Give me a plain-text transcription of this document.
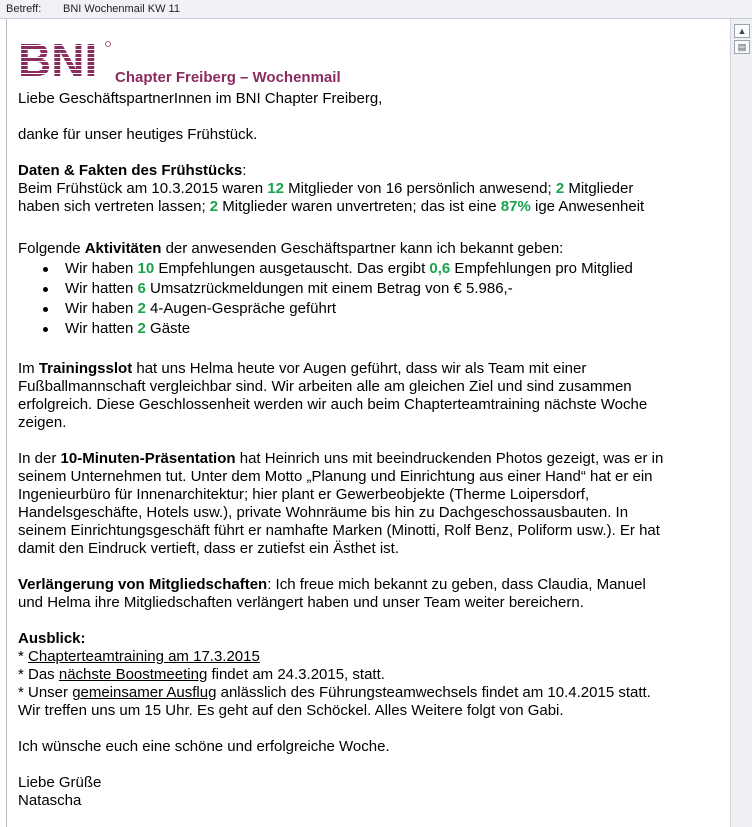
Betreff: BNI Wochenmail KW 11
▲
▤
BNI Chapter Freiberg – Wochenmail

Liebe GeschäftspartnerInnen im BNI Chapter Freiberg,

danke für unser heutiges Frühstück.

Daten & Fakten des Frühstücks:

Beim Frühstück am 10.3.2015 waren 12 Mitglieder von 16 persönlich anwesend; 2 Mitglieder

haben sich vertreten lassen; 2 Mitglieder waren unvertreten; das ist eine 87% ige Anwesenheit

Folgende Aktivitäten der anwesenden Geschäftspartner kann ich bekannt geben:

Wir haben 10 Empfehlungen ausgetauscht. Das ergibt 0,6 Empfehlungen pro Mitglied
Wir hatten 6 Umsatzrückmeldungen mit einem Betrag von € 5.986,-
Wir haben 2 4-Augen-Gespräche geführt
Wir hatten 2 Gäste

Im Trainingsslot hat uns Helma heute vor Augen geführt, dass wir als Team mit einer

Fußballmannschaft vergleichbar sind. Wir arbeiten alle am gleichen Ziel und sind zusammen

erfolgreich. Diese Geschlossenheit werden wir auch beim Chapterteamtraining nächste Woche

zeigen.

In der 10-Minuten-Präsentation hat Heinrich uns mit beeindruckenden Photos gezeigt, was er in

seinem Unternehmen tut. Unter dem Motto „Planung und Einrichtung aus einer Hand“ hat er ein

Ingenieurbüro für Innenarchitektur; hier plant er Gewerbeobjekte (Therme Loipersdorf,

Handelsgeschäfte, Hotels usw.), private Wohnräume bis hin zu Dachgeschossausbauten. In

seinem Einrichtungsgeschäft führt er namhafte Marken (Minotti, Rolf Benz, Poliform usw.). Er hat

damit den Eindruck vertieft, dass er zutiefst ein Ästhet ist.

Verlängerung von Mitgliedschaften: Ich freue mich bekannt zu geben, dass Claudia, Manuel

und Helma ihre Mitgliedschaften verlängert haben und unser Team weiter bereichern.

Ausblick:

* Chapterteamtraining am 17.3.2015

* Das nächste Boostmeeting findet am 24.3.2015, statt.

* Unser gemeinsamer Ausflug anlässlich des Führungsteamwechsels findet am 10.4.2015 statt.

Wir treffen uns um 15 Uhr. Es geht auf den Schöckel. Alles Weitere folgt von Gabi.

Ich wünsche euch eine schöne und erfolgreiche Woche.

Liebe Grüße

Natascha
